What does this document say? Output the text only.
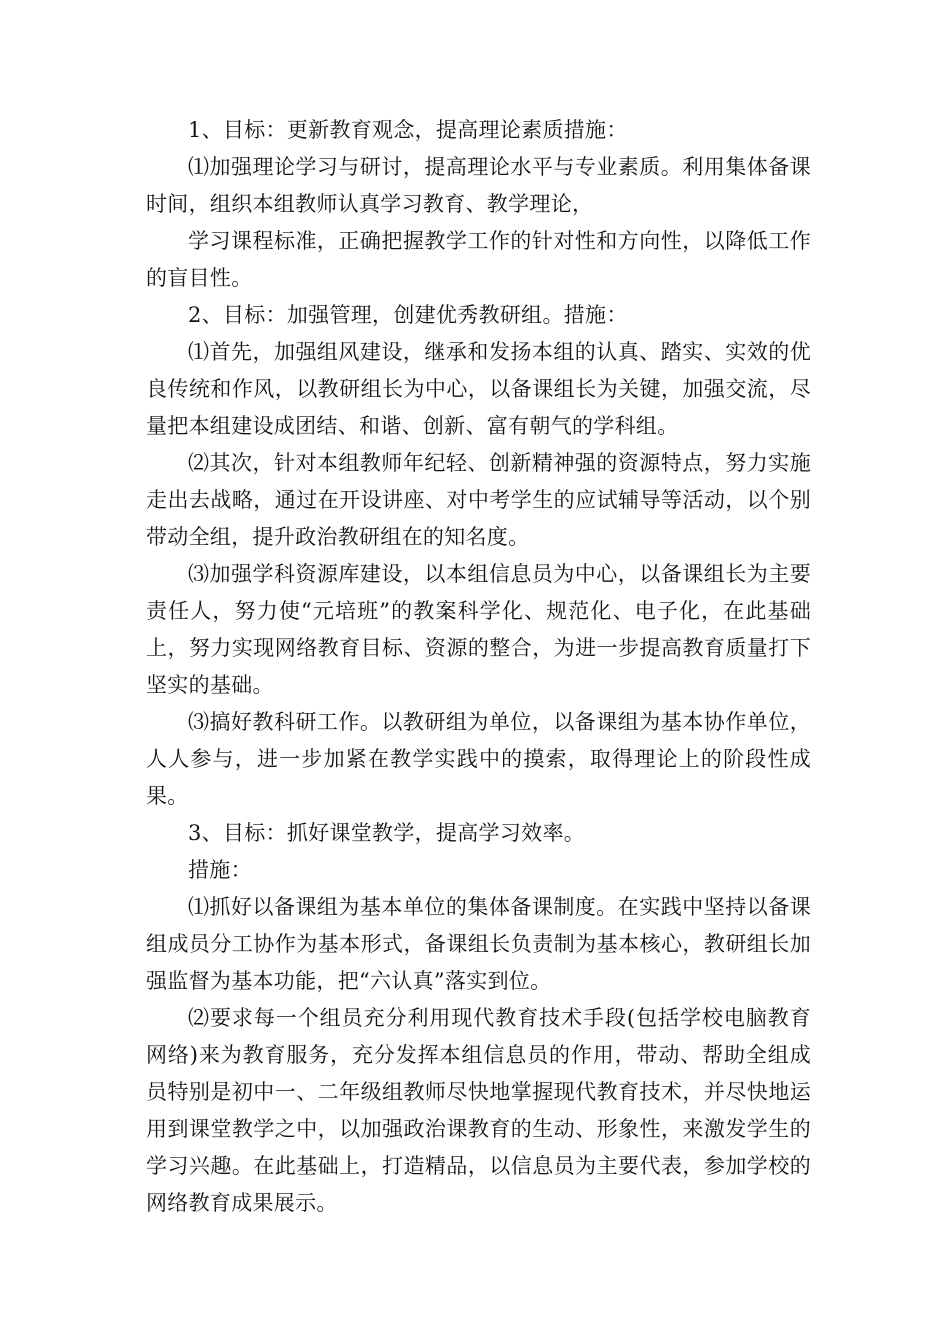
1、目标：更新教育观念，提高理论素质措施：

⑴加强理论学习与研讨，提高理论水平与专业素质。利用集体备课时间，组织本组教师认真学习教育、教学理论，

学习课程标准，正确把握教学工作的针对性和方向性，以降低工作的盲目性。

2、目标：加强管理，创建优秀教研组。措施：

⑴首先，加强组风建设，继承和发扬本组的认真、踏实、实效的优良传统和作风，以教研组长为中心，以备课组长为关键，加强交流，尽量把本组建设成团结、和谐、创新、富有朝气的学科组。

⑵其次，针对本组教师年纪轻、创新精神强的资源特点，努力实施走出去战略，通过在开设讲座、对中考学生的应试辅导等活动，以个别带动全组，提升政治教研组在的知名度。

⑶加强学科资源库建设，以本组信息员为中心，以备课组长为主要责任人，努力使“元培班”的教案科学化、规范化、电子化，在此基础上，努力实现网络教育目标、资源的整合，为进一步提高教育质量打下坚实的基础。

⑶搞好教科研工作。以教研组为单位，以备课组为基本协作单位，人人参与，进一步加紧在教学实践中的摸索，取得理论上的阶段性成果。

3、目标：抓好课堂教学，提高学习效率。

措施：

⑴抓好以备课组为基本单位的集体备课制度。在实践中坚持以备课组成员分工协作为基本形式，备课组长负责制为基本核心，教研组长加强监督为基本功能，把“六认真”落实到位。

⑵要求每一个组员充分利用现代教育技术手段(包括学校电脑教育网络)来为教育服务，充分发挥本组信息员的作用，带动、帮助全组成员特别是初中一、二年级组教师尽快地掌握现代教育技术，并尽快地运用到课堂教学之中，以加强政治课教育的生动、形象性，来激发学生的学习兴趣。在此基础上，打造精品，以信息员为主要代表，参加学校的网络教育成果展示。
